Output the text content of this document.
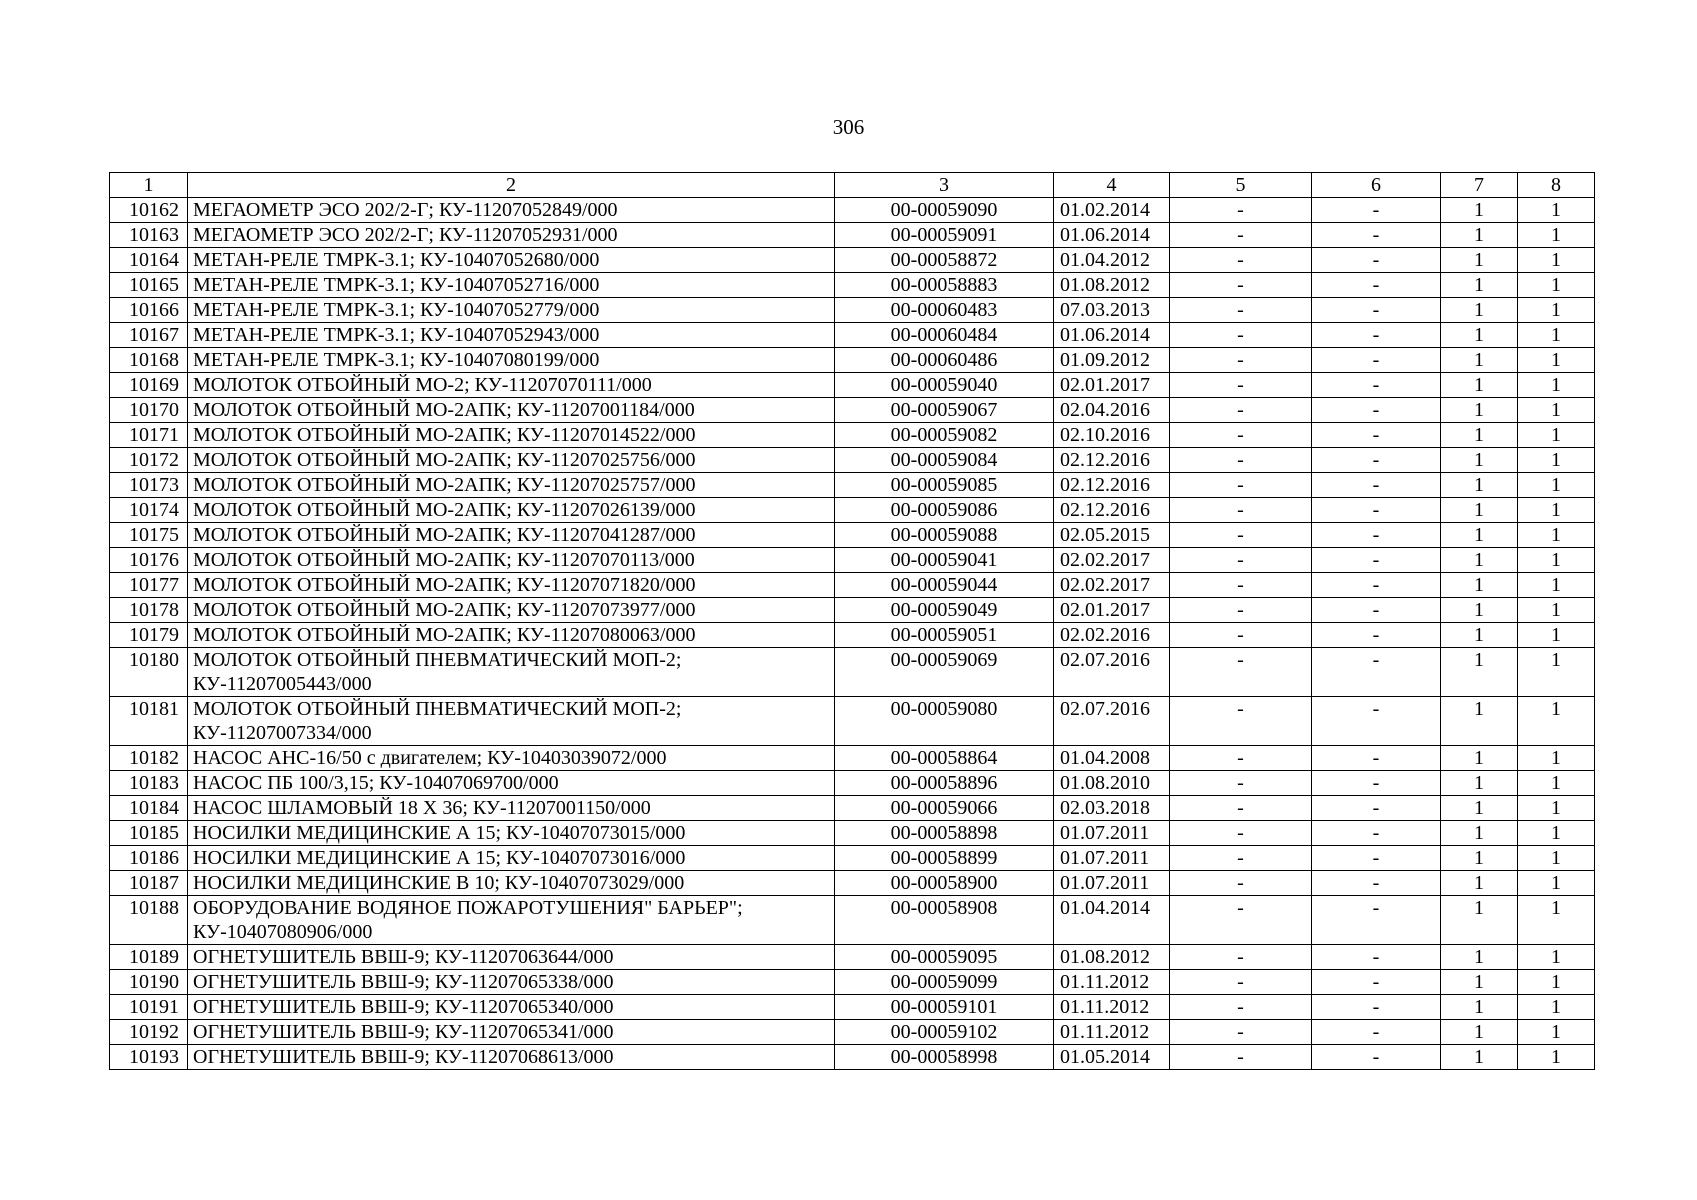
306
1	2	3	4	5	6	7	8
10162	МЕГАОМЕТР ЭСО 202/2-Г; КУ-11207052849/000	00-00059090	01.02.2014	-	-	1	1
10163	МЕГАОМЕТР ЭСО 202/2-Г; КУ-11207052931/000	00-00059091	01.06.2014	-	-	1	1
10164	МЕТАН-РЕЛЕ ТМРК-3.1; КУ-10407052680/000	00-00058872	01.04.2012	-	-	1	1
10165	МЕТАН-РЕЛЕ ТМРК-3.1; КУ-10407052716/000	00-00058883	01.08.2012	-	-	1	1
10166	МЕТАН-РЕЛЕ ТМРК-3.1; КУ-10407052779/000	00-00060483	07.03.2013	-	-	1	1
10167	МЕТАН-РЕЛЕ ТМРК-3.1; КУ-10407052943/000	00-00060484	01.06.2014	-	-	1	1
10168	МЕТАН-РЕЛЕ ТМРК-3.1; КУ-10407080199/000	00-00060486	01.09.2012	-	-	1	1
10169	МОЛОТОК ОТБОЙНЫЙ МО-2; КУ-11207070111/000	00-00059040	02.01.2017	-	-	1	1
10170	МОЛОТОК ОТБОЙНЫЙ МО-2АПК; КУ-11207001184/000	00-00059067	02.04.2016	-	-	1	1
10171	МОЛОТОК ОТБОЙНЫЙ МО-2АПК; КУ-11207014522/000	00-00059082	02.10.2016	-	-	1	1
10172	МОЛОТОК ОТБОЙНЫЙ МО-2АПК; КУ-11207025756/000	00-00059084	02.12.2016	-	-	1	1
10173	МОЛОТОК ОТБОЙНЫЙ МО-2АПК; КУ-11207025757/000	00-00059085	02.12.2016	-	-	1	1
10174	МОЛОТОК ОТБОЙНЫЙ МО-2АПК; КУ-11207026139/000	00-00059086	02.12.2016	-	-	1	1
10175	МОЛОТОК ОТБОЙНЫЙ МО-2АПК; КУ-11207041287/000	00-00059088	02.05.2015	-	-	1	1
10176	МОЛОТОК ОТБОЙНЫЙ МО-2АПК; КУ-11207070113/000	00-00059041	02.02.2017	-	-	1	1
10177	МОЛОТОК ОТБОЙНЫЙ МО-2АПК; КУ-11207071820/000	00-00059044	02.02.2017	-	-	1	1
10178	МОЛОТОК ОТБОЙНЫЙ МО-2АПК; КУ-11207073977/000	00-00059049	02.01.2017	-	-	1	1
10179	МОЛОТОК ОТБОЙНЫЙ МО-2АПК; КУ-11207080063/000	00-00059051	02.02.2016	-	-	1	1
10180	МОЛОТОК ОТБОЙНЫЙ ПНЕВМАТИЧЕСКИЙ МОП-2; КУ-11207005443/000	00-00059069	02.07.2016	-	-	1	1
10181	МОЛОТОК ОТБОЙНЫЙ ПНЕВМАТИЧЕСКИЙ МОП-2; КУ-11207007334/000	00-00059080	02.07.2016	-	-	1	1
10182	НАСОС АНС-16/50 с двигателем; КУ-10403039072/000	00-00058864	01.04.2008	-	-	1	1
10183	НАСОС ПБ 100/3,15; КУ-10407069700/000	00-00058896	01.08.2010	-	-	1	1
10184	НАСОС ШЛАМОВЫЙ 18 Х 36; КУ-11207001150/000	00-00059066	02.03.2018	-	-	1	1
10185	НОСИЛКИ МЕДИЦИНСКИЕ А 15; КУ-10407073015/000	00-00058898	01.07.2011	-	-	1	1
10186	НОСИЛКИ МЕДИЦИНСКИЕ А 15; КУ-10407073016/000	00-00058899	01.07.2011	-	-	1	1
10187	НОСИЛКИ МЕДИЦИНСКИЕ В 10; КУ-10407073029/000	00-00058900	01.07.2011	-	-	1	1
10188	ОБОРУДОВАНИЕ ВОДЯНОЕ ПОЖАРОТУШЕНИЯ" БАРЬЕР"; КУ-10407080906/000	00-00058908	01.04.2014	-	-	1	1
10189	ОГНЕТУШИТЕЛЬ ВВШ-9; КУ-11207063644/000	00-00059095	01.08.2012	-	-	1	1
10190	ОГНЕТУШИТЕЛЬ ВВШ-9; КУ-11207065338/000	00-00059099	01.11.2012	-	-	1	1
10191	ОГНЕТУШИТЕЛЬ ВВШ-9; КУ-11207065340/000	00-00059101	01.11.2012	-	-	1	1
10192	ОГНЕТУШИТЕЛЬ ВВШ-9; КУ-11207065341/000	00-00059102	01.11.2012	-	-	1	1
10193	ОГНЕТУШИТЕЛЬ ВВШ-9; КУ-11207068613/000	00-00058998	01.05.2014	-	-	1	1
